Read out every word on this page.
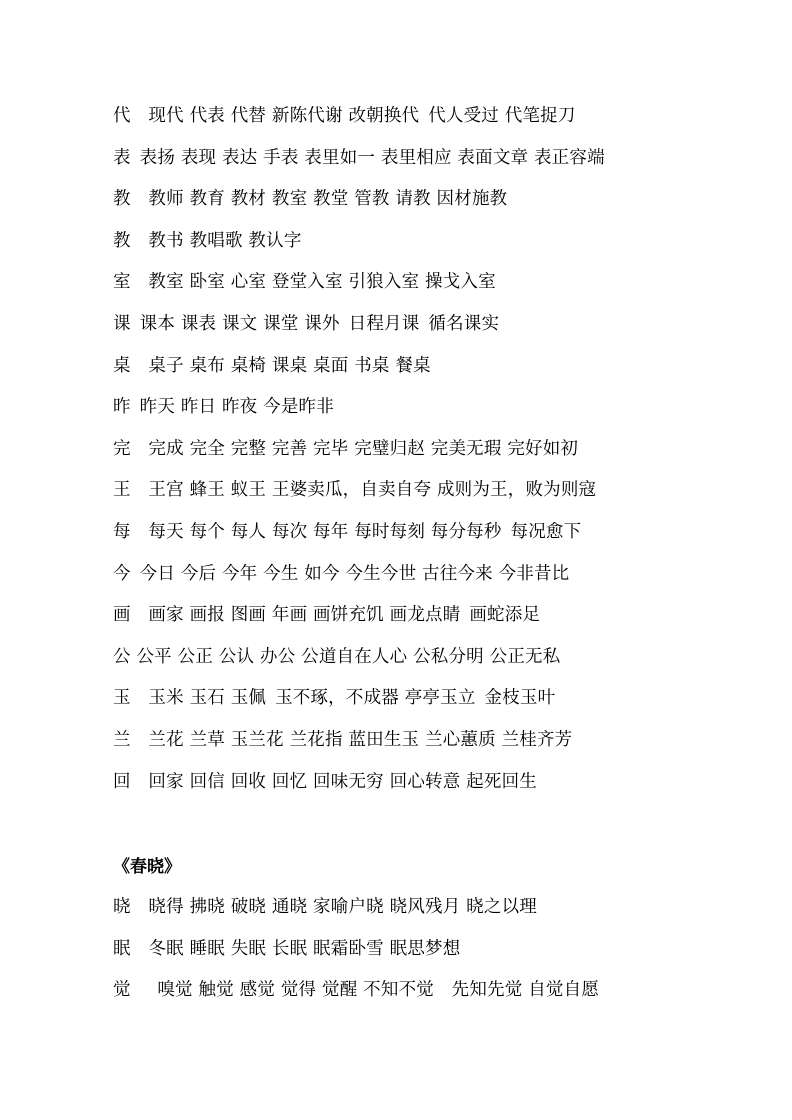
代 现代 代表 代替 新陈代谢 改朝换代 代人受过 代笔捉刀
表 表扬 表现 表达 手表 表里如一 表里相应 表面文章 表正容端
教 教师 教育 教材 教室 教堂 管教 请教 因材施教
教 教书 教唱歌 教认字
室 教室 卧室 心室 登堂入室 引狼入室 操戈入室
课 课本 课表 课文 课堂 课外 日程月课 循名课实
桌 桌子 桌布 桌椅 课桌 桌面 书桌 餐桌
昨 昨天 昨日 昨夜 今是昨非
完 完成 完全 完整 完善 完毕 完璧归赵 完美无瑕 完好如初
王 王宫 蜂王 蚁王 王婆卖瓜，自卖自夸 成则为王，败为则寇
每 每天 每个 每人 每次 每年 每时每刻 每分每秒 每况愈下
今 今日 今后 今年 今生 如今 今生今世 古往今来 今非昔比
画 画家 画报 图画 年画 画饼充饥 画龙点睛 画蛇添足
公 公平 公正 公认 办公 公道自在人心 公私分明 公正无私
玉 玉米 玉石 玉佩 玉不琢，不成器 亭亭玉立 金枝玉叶
兰 兰花 兰草 玉兰花 兰花指 蓝田生玉 兰心蕙质 兰桂齐芳
回 回家 回信 回收 回忆 回味无穷 回心转意 起死回生
《春晓》
晓 晓得 拂晓 破晓 通晓 家喻户晓 晓风残月 晓之以理
眠 冬眠 睡眠 失眠 长眠 眠霜卧雪 眠思梦想
觉  嗅觉 触觉 感觉 觉得 觉醒 不知不觉 先知先觉 自觉自愿
